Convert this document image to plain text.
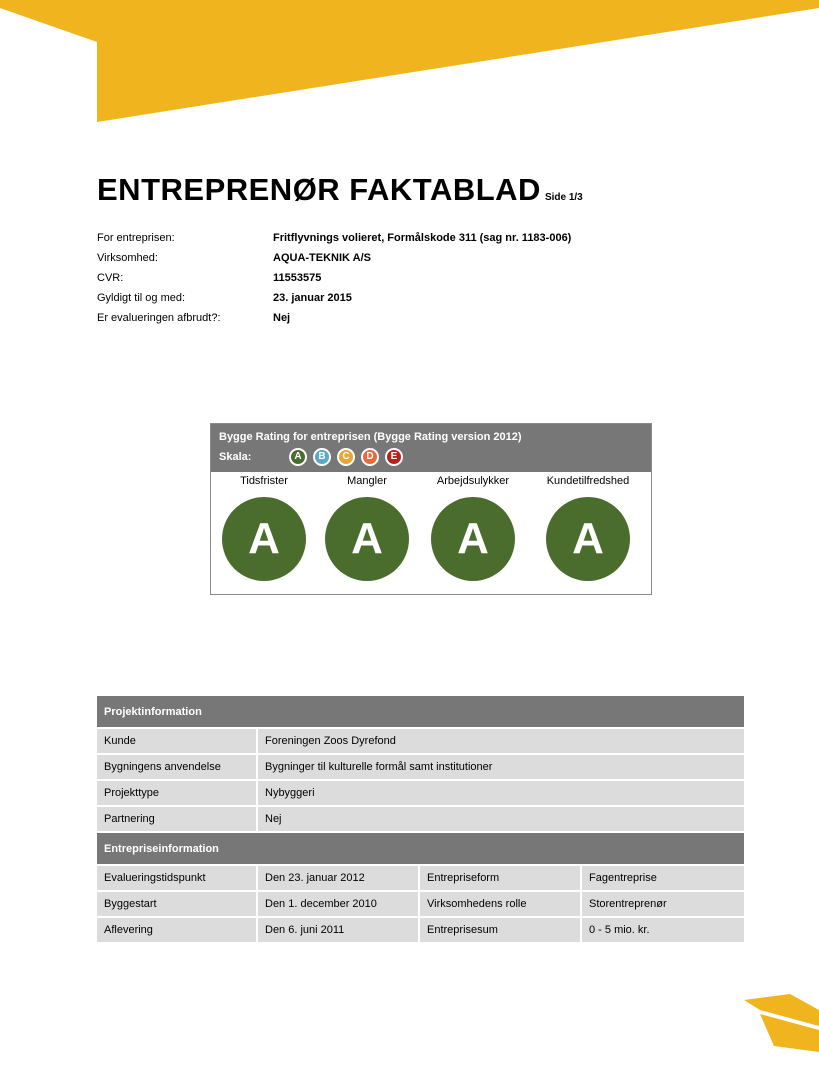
ENTREPRENØR FAKTABLAD Side 1/3
For entreprisen:	Fritflyvnings volieret, Formålskode 311 (sag nr. 1183-006)
Virksomhed:	AQUA-TEKNIK A/S
CVR:	11553575
Gyldigt til og med:	23. januar 2015
Er evalueringen afbrudt?:	Nej
Bygge Rating for entreprisen (Bygge Rating version 2012)
Skala:	A	B	C	D	E
Tidsfrister
A
Mangler
A
Arbejdsulykker
A
Kundetilfredshed
A
Projektinformation			
Kunde	Foreningen Zoos Dyrefond		
Bygningens anvendelse	Bygninger til kulturelle formål samt institutioner		
Projekttype	Nybyggeri		
Partnering	Nej		
Entrepriseinformation			
Evalueringstidspunkt	Den 23. januar 2012	Entrepriseform	Fagentreprise
Byggestart	Den 1. december 2010	Virksomhedens rolle	Storentreprenør
Aflevering	Den 6. juni 2011	Entreprisesum	0 - 5 mio. kr.
